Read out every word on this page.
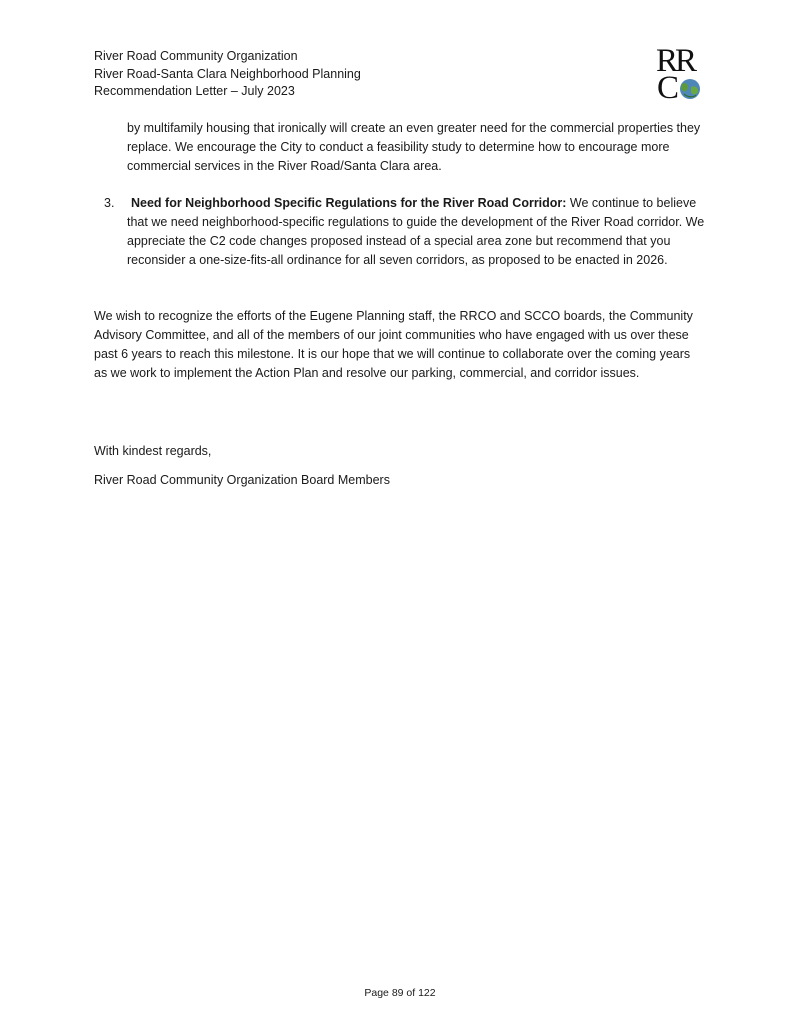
River Road Community Organization
River Road-Santa Clara Neighborhood Planning
Recommendation Letter – July 2023
RR
C
by multifamily housing that ironically will create an even greater need for the commercial properties they replace. We encourage the City to conduct a feasibility study to determine how to encourage more commercial services in the River Road/Santa Clara area.
3.	Need for Neighborhood Specific Regulations for the River Road Corridor: We continue to believe that we need neighborhood-specific regulations to guide the development of the River Road corridor. We appreciate the C2 code changes proposed instead of a special area zone but recommend that you reconsider a one-size-fits-all ordinance for all seven corridors, as proposed to be enacted in 2026.
We wish to recognize the efforts of the Eugene Planning staff, the RRCO and SCCO boards, the Community Advisory Committee, and all of the members of our joint communities who have engaged with us over these past 6 years to reach this milestone. It is our hope that we will continue to collaborate over the coming years as we work to implement the Action Plan and resolve our parking, commercial, and corridor issues.
With kindest regards,
River Road Community Organization Board Members
Page 89 of 122
